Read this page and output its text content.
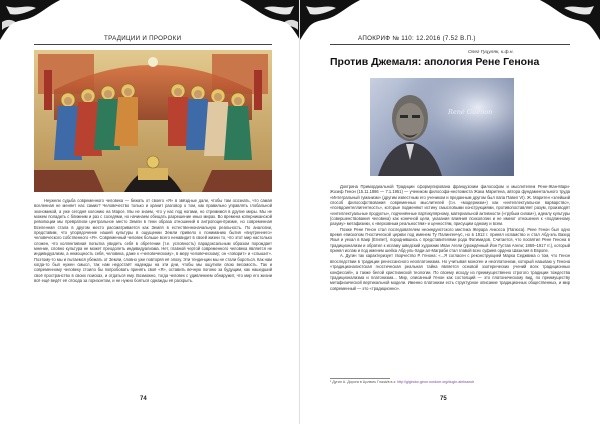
ТРАДИЦИИ И ПРОРОКИ

Неужели судьба современного человека — бежать от своего «Я» в звёздные дали, чтобы там осознать, что самая вселенная не меняет нас самих? Человечество только и хранит разговор о том, как правильно управлять глобальной экономикой, а уже сегодня колонию на Марсе. Мы не знаем, что у нас под ногами, но стремимся в другие миры. Мы не можем поладить с ближним и раз с соседями, но начинаем обещать разрешение иных мирах. Во времена коперниканской революции мы превратили центральное место Земли в тени образа отношений в антропоцентризме, но современная Вселенная стала в другом место рассматривается как Земля в естественноначальную реальность. По аналогии, представим, что упорядочение нашей культуры в ощущении Земли привело к пониманию бытия «внутреннего» человеческого собственного «Я». Современный человек больше всего ненавидит в своей жизни то, что этот мир настолько сложен, что коллективная попытка увидеть себя в обретении (т.е. условность) парадоксальным образом порождает мнение, словно культура не может преодолеть индивидуализма. Нет, главной чертой современного человека является не индивидуализм, а немощность себя, человека, даже к «человеческому», в меру человеческому; он «говорит» и «слышит». Поэтому-то мы и пытаемся убежать от Земли, словно уже повторяя её эпоху. Эти тенденции мы не стали бороться. Как нам когда-то был нужен смысл, так нам недостаёт надежды на эти дни, чтобы мы ощутили свою весомость. Так и современному человеку стоило бы попробовать принять своё «Я», оставить вечную погоню за будущим, как нашедший своё пространство в своих поисках, и отдаться ему. Возможно, тогда человек с удивлением обнаружит, что мир его жизни всё ещё ведёт её отсюда за горизонтом, и не нужно бояться однажды её раскрыть.

74
АПОКРИФ № 110: 12.2016 (7.52 В.П.)
Олег Гуцуляк, к.ф.н.
Против Джемаля: апология Рене Генона
René Guénon

Доктрина Примордиальной Традиции сформулирована французским философом и мыслителем Рене-Жан-Мари-Жозеф Генон (15.11.1886 — 7.1.1951) — учеником философа-неотомиста Жака Маритена, автора фундаментального труда «Интегральный гуманизм» (другим известным его учеником и преданным другом был папа Павел VI). Ж. Маритен «злейший способ философствования современных мыслителей (т.н. «модернизм») как «интеллектуальное варварство», «псевдоинтеллигентность», которые подменяют истину смысловыми конструкциями, противопоставляет разум, производят «интеллектуальные продукты», подчинённые партикулярному, материальной активности («грубым силам»), идеалу культуры (совершенствования человека) как конечной цели, указания влияния психологии и не имеют отношения к «подлинному разуму» метафизики, к «верховным реальностям» и ценностям, присущим одному и всем.

Позже Рене Генон стал последователем неоиндуистского мистика Жерара Анкосса (Папюса). Рене Генон был одно время епископом Гностической церкви под именем Ту Палингенчус, но в 1912 г. принял исламство и стал Абд-эль Вахид Яхья и уехал в Каир (Египет), породнившись с представителями рода Фатимидов. Считается, что посвятил Рене Генона в традиционализм и обратил к исламу шведский художник Иван Агели (урождённый Йон Густав Агели; 1869–1917 гг.), который принял ислам и под именем шейха Абд-уль-Хади ал-Маграби стал главой всех суфиев ордена Шазилия в Европе.

А. Дугин так характеризует творчество Р. Генона: «...Я согласен с реконструкцией Марка Седжвика о том, что Генон впоследствии в традиции ренессансного неоплатонизма. Но учитывая моноген и неоплатонизм, который называю у Генона «традиционалистская гностическая реальная тайна является основой эзотерических учений всех традиционных конфессий», а также белой христианской теологии. По своему исходу из преимущественно строгого традиции тождества традиционализма и платонизма... Мир, описанный Генон как состоящий — это платоническому вид, по преимуществу метафизической вертикальной модели. Именно платонизм есть структурное описание традиционных общественных, и мир современный — это «традиционно».

¹ Дугин А. Дорога в Цилюль Глаза/в в.з: http://gigindor-geon.nordom.org/dugin-aleksandr
75
